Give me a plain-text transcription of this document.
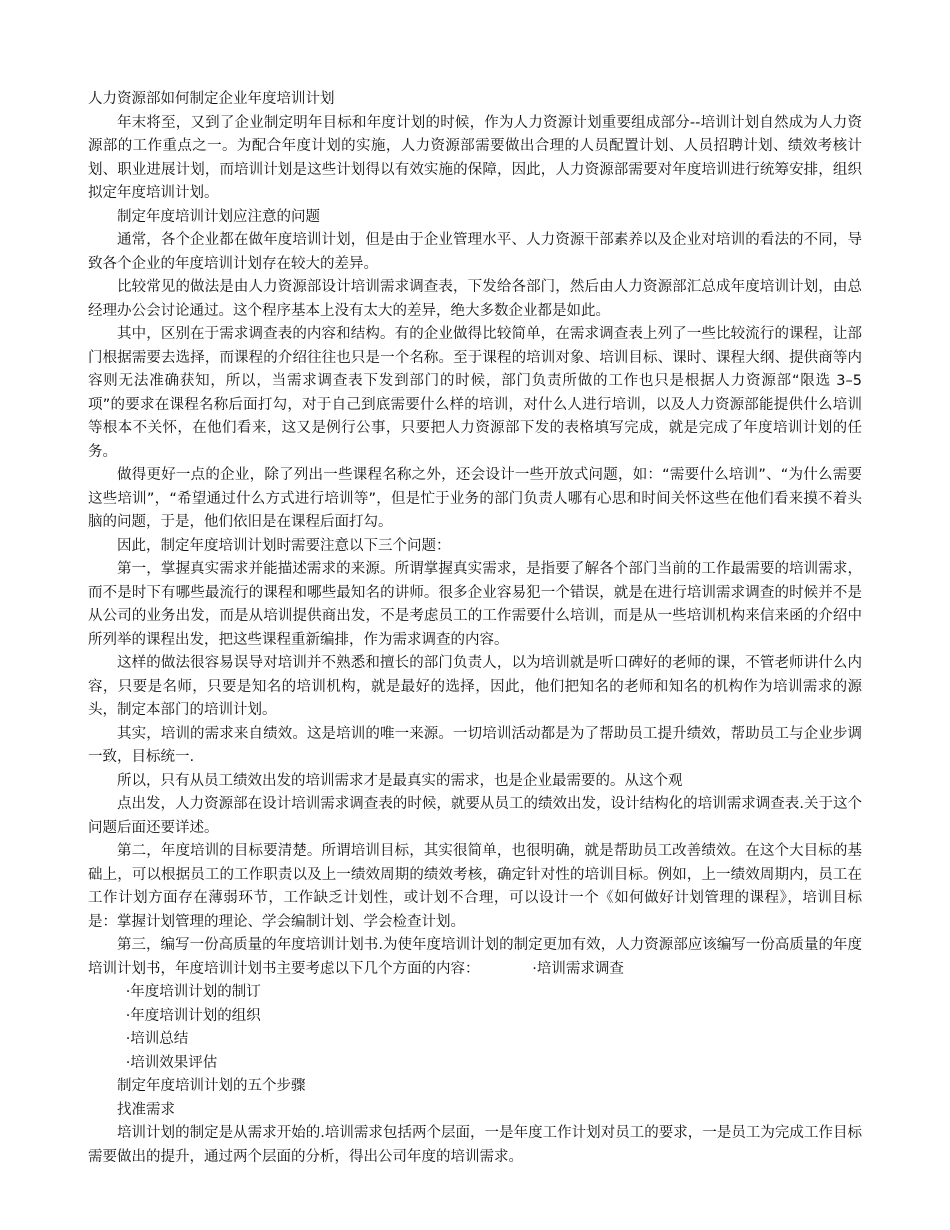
人力资源部如何制定企业年度培训计划

年末将至，又到了企业制定明年目标和年度计划的时候，作为人力资源计划重要组成部分--培训计划自然成为人力资源部的工作重点之一。为配合年度计划的实施，人力资源部需要做出合理的人员配置计划、人员招聘计划、绩效考核计划、职业进展计划，而培训计划是这些计划得以有效实施的保障，因此，人力资源部需要对年度培训进行统筹安排，组织拟定年度培训计划。

制定年度培训计划应注意的问题

通常，各个企业都在做年度培训计划，但是由于企业管理水平、人力资源干部素养以及企业对培训的看法的不同，导致各个企业的年度培训计划存在较大的差异。

比较常见的做法是由人力资源部设计培训需求调查表，下发给各部门，然后由人力资源部汇总成年度培训计划，由总经理办公会讨论通过。这个程序基本上没有太大的差异，绝大多数企业都是如此。

其中，区别在于需求调查表的内容和结构。有的企业做得比较简单，在需求调查表上列了一些比较流行的课程，让部门根据需要去选择，而课程的介绍往往也只是一个名称。至于课程的培训对象、培训目标、课时、课程大纲、提供商等内容则无法准确获知，所以，当需求调查表下发到部门的时候，部门负责所做的工作也只是根据人力资源部“限选 3–5 项”的要求在课程名称后面打勾，对于自己到底需要什么样的培训，对什么人进行培训，以及人力资源部能提供什么培训等根本不关怀，在他们看来，这又是例行公事，只要把人力资源部下发的表格填写完成，就是完成了年度培训计划的任务。

做得更好一点的企业，除了列出一些课程名称之外，还会设计一些开放式问题，如：“需要什么培训”、“为什么需要这些培训”，“希望通过什么方式进行培训等”，但是忙于业务的部门负责人哪有心思和时间关怀这些在他们看来摸不着头脑的问题，于是，他们依旧是在课程后面打勾。

因此，制定年度培训计划时需要注意以下三个问题：

第一，掌握真实需求并能描述需求的来源。所谓掌握真实需求，是指要了解各个部门当前的工作最需要的培训需求，而不是时下有哪些最流行的课程和哪些最知名的讲师。很多企业容易犯一个错误，就是在进行培训需求调查的时候并不是从公司的业务出发，而是从培训提供商出发，不是考虑员工的工作需要什么培训，而是从一些培训机构来信来函的介绍中所列举的课程出发，把这些课程重新编排，作为需求调查的内容。

这样的做法很容易误导对培训并不熟悉和擅长的部门负责人，以为培训就是听口碑好的老师的课，不管老师讲什么内容，只要是名师，只要是知名的培训机构，就是最好的选择，因此，他们把知名的老师和知名的机构作为培训需求的源头，制定本部门的培训计划。

其实，培训的需求来自绩效。这是培训的唯一来源。一切培训活动都是为了帮助员工提升绩效，帮助员工与企业步调一致，目标统一.

所以，只有从员工绩效出发的培训需求才是最真实的需求，也是企业最需要的。从这个观

点出发，人力资源部在设计培训需求调查表的时候，就要从员工的绩效出发，设计结构化的培训需求调查表.关于这个问题后面还要详述。

第二，年度培训的目标要清楚。所谓培训目标，其实很简单，也很明确，就是帮助员工改善绩效。在这个大目标的基础上，可以根据员工的工作职责以及上一绩效周期的绩效考核，确定针对性的培训目标。例如，上一绩效周期内，员工在工作计划方面存在薄弱环节，工作缺乏计划性，或计划不合理，可以设计一个《如何做好计划管理的课程》，培训目标是：掌握计划管理的理论、学会编制计划、学会检查计划。

第三，编写一份高质量的年度培训计划书.为使年度培训计划的制定更加有效，人力资源部应该编写一份高质量的年度培训计划书，年度培训计划书主要考虑以下几个方面的内容：	·培训需求调查

·年度培训计划的制订

·年度培训计划的组织

·培训总结

·培训效果评估

制定年度培训计划的五个步骤

找准需求

培训计划的制定是从需求开始的.培训需求包括两个层面，一是年度工作计划对员工的要求，一是员工为完成工作目标需要做出的提升，通过两个层面的分析，得出公司年度的培训需求。
